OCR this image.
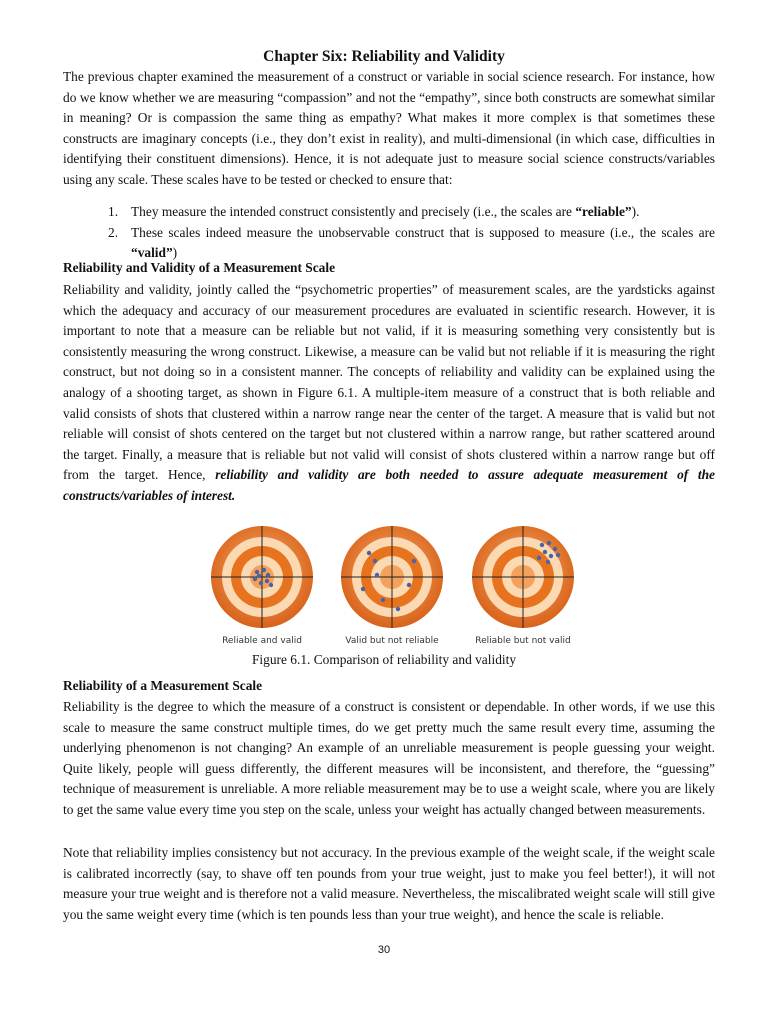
Chapter Six: Reliability and Validity

The previous chapter examined the measurement of a construct or variable in social science research. For instance, how do we know whether we are measuring “compassion” and not the “empathy”, since both constructs are somewhat similar in meaning? Or is compassion the same thing as empathy? What makes it more complex is that sometimes these constructs are imaginary concepts (i.e., they don’t exist in reality), and multi-dimensional (in which case, difficulties in identifying their constituent dimensions). Hence, it is not adequate just to measure social science constructs/variables using any scale. These scales have to be tested or checked to ensure that:

1. They measure the intended construct consistently and precisely (i.e., the scales are “reliable”).
2. These scales indeed measure the unobservable construct that is supposed to measure (i.e., the scales are “valid”)
Reliability and Validity of a Measurement Scale

Reliability and validity, jointly called the “psychometric properties” of measurement scales, are the yardsticks against which the adequacy and accuracy of our measurement procedures are evaluated in scientific research. However, it is important to note that a measure can be reliable but not valid, if it is measuring something very consistently but is consistently measuring the wrong construct. Likewise, a measure can be valid but not reliable if it is measuring the right construct, but not doing so in a consistent manner. The concepts of reliability and validity can be explained using the analogy of a shooting target, as shown in Figure 6.1. A multiple-item measure of a construct that is both reliable and valid consists of shots that clustered within a narrow range near the center of the target. A measure that is valid but not reliable will consist of shots centered on the target but not clustered within a narrow range, but rather scattered around the target. Finally, a measure that is reliable but not valid will consist of shots clustered within a narrow range but off from the target. Hence, reliability and validity are both needed to assure adequate measurement of the constructs/variables of interest.

Reliable and valid	Valid but not reliable	Reliable but not valid

Figure 6.1. Comparison of reliability and validity

Reliability of a Measurement Scale

Reliability is the degree to which the measure of a construct is consistent or dependable. In other words, if we use this scale to measure the same construct multiple times, do we get pretty much the same result every time, assuming the underlying phenomenon is not changing? An example of an unreliable measurement is people guessing your weight. Quite likely, people will guess differently, the different measures will be inconsistent, and therefore, the “guessing” technique of measurement is unreliable. A more reliable measurement may be to use a weight scale, where you are likely to get the same value every time you step on the scale, unless your weight has actually changed between measurements.

Note that reliability implies consistency but not accuracy. In the previous example of the weight scale, if the weight scale is calibrated incorrectly (say, to shave off ten pounds from your true weight, just to make you feel better!), it will not measure your true weight and is therefore not a valid measure. Nevertheless, the miscalibrated weight scale will still give you the same weight every time (which is ten pounds less than your true weight), and hence the scale is reliable.

30
